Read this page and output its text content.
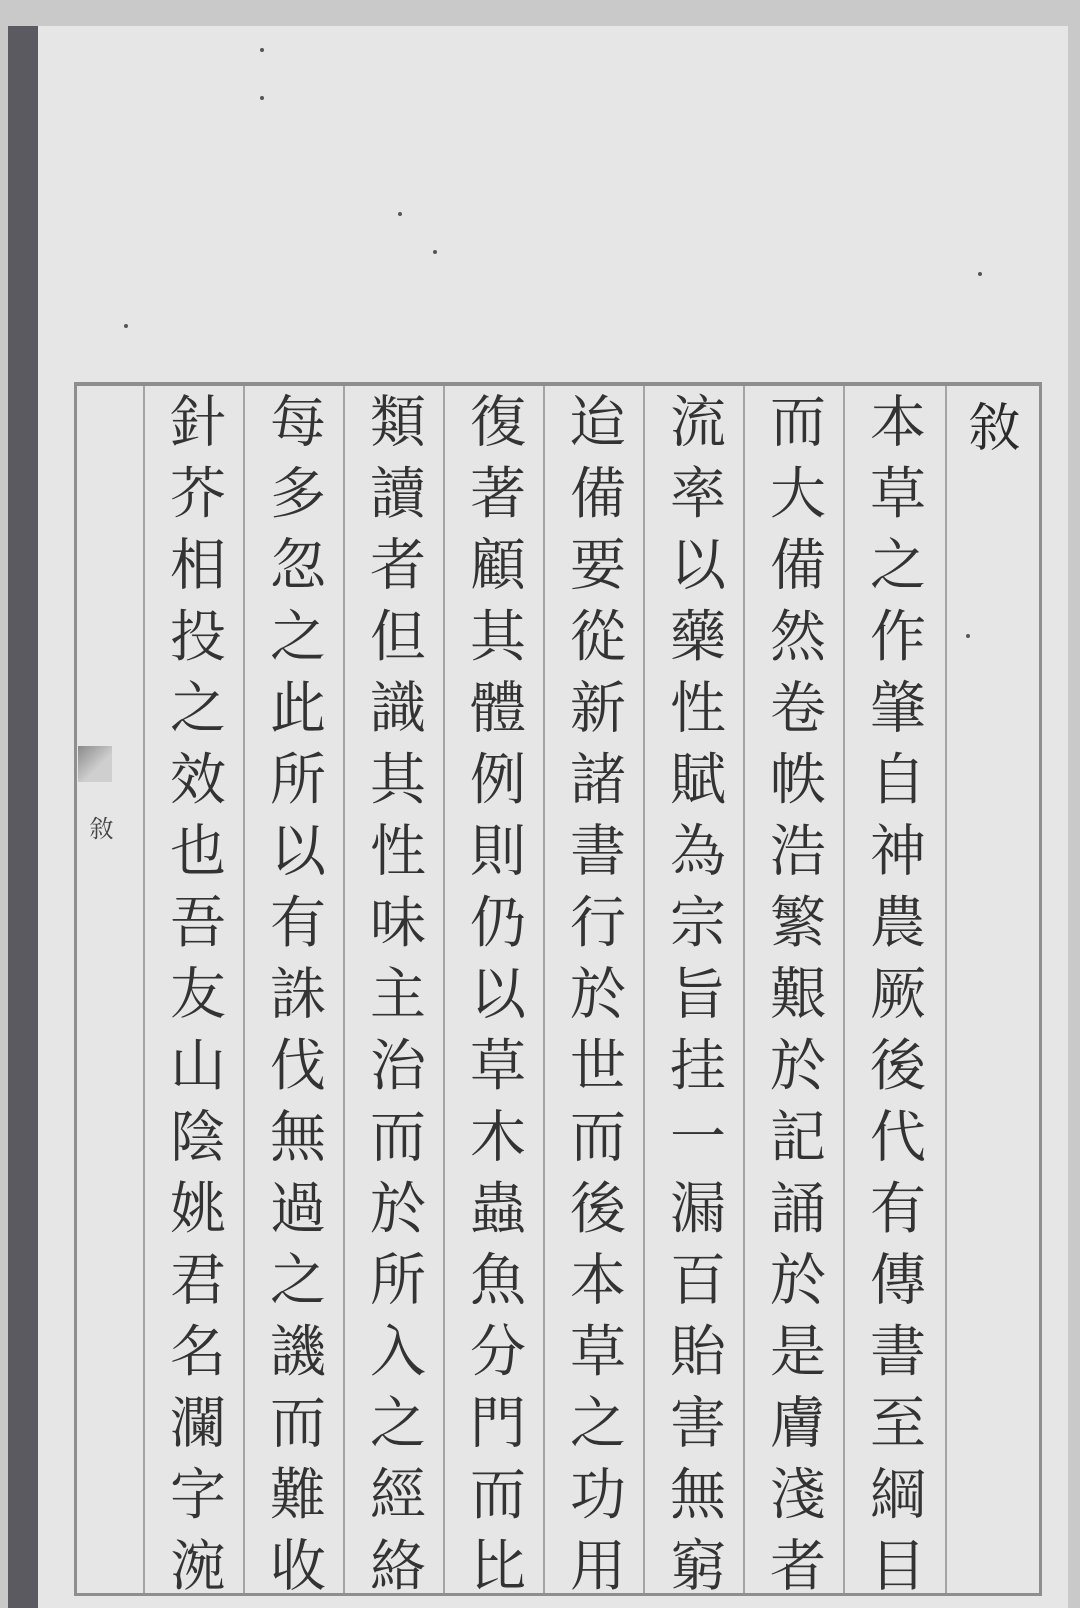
敘
敘
本草之作肇自神農厥後代有傳書至綱目
而大備然卷帙浩繁艱於記誦於是膚淺者
流率以藥性賦為宗旨挂一漏百貽害無窮
迨備要從新諸書行於世而後本草之功用
復著顧其體例則仍以草木蟲魚分門而比
類讀者但識其性味主治而於所入之經絡
每多忽之此所以有誅伐無過之譏而難收
針芥相投之效也吾友山陰姚君名瀾字涴
